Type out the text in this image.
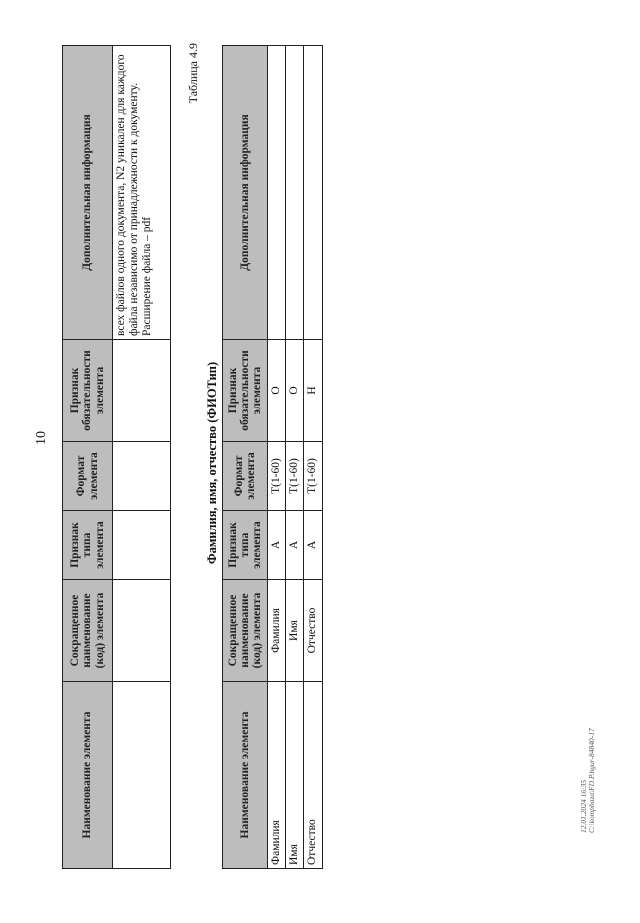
10
Наименование элемента	Сокращенное наименование (код) элемента	Признак типа элемента	Формат элемента	Признак обязательности элемента	Дополнительная информация
					всех файлов одного документа, N2 уникален для каждого файла независимо от принадлежности к документу. Расширение файла – pdf
Таблица 4.9
Фамилия, имя, отчество (ФИОТип)
Наименование элемента	Сокращенное наименование (код) элемента	Признак типа элемента	Формат элемента	Признак обязательности элемента	Дополнительная информация
Фамилия	Фамилия	А	T(1-60)	О	
Имя	Имя	А	T(1-60)	О	
Отчество	Отчество	А	T(1-60)	Н	
12.01.2024 16:35 C:\kompbaza\FD.P.bgur-84840-17
